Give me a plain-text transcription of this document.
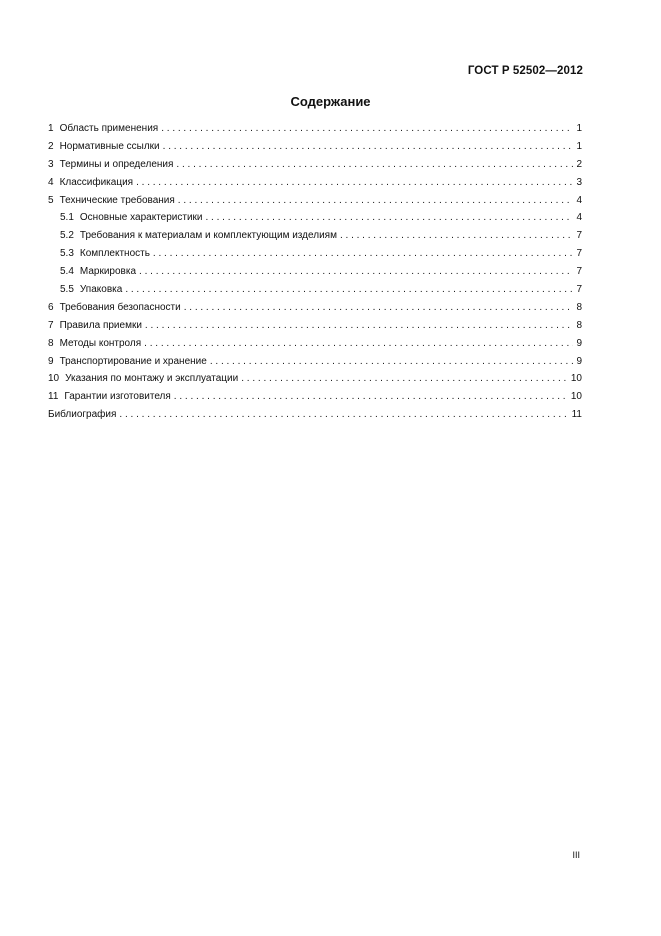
ГОСТ Р 52502—2012
Содержание
1 Область применения . . .	1
2 Нормативные ссылки . . .	1
3 Термины и определения . . .	2
4 Классификация . . .	3
5 Технические требования . . .	4
5.1 Основные характеристики . . .	4
5.2 Требования к материалам и комплектующим изделиям . . .	7
5.3 Комплектность . . .	7
5.4 Маркировка . . .	7
5.5 Упаковка . . .	7
6 Требования безопасности . . .	8
7 Правила приемки . . .	8
8 Методы контроля . . .	9
9 Транспортирование и хранение . . .	9
10 Указания по монтажу и эксплуатации . . .	10
11 Гарантии изготовителя . . .	10
Библиография . . .	11
III
